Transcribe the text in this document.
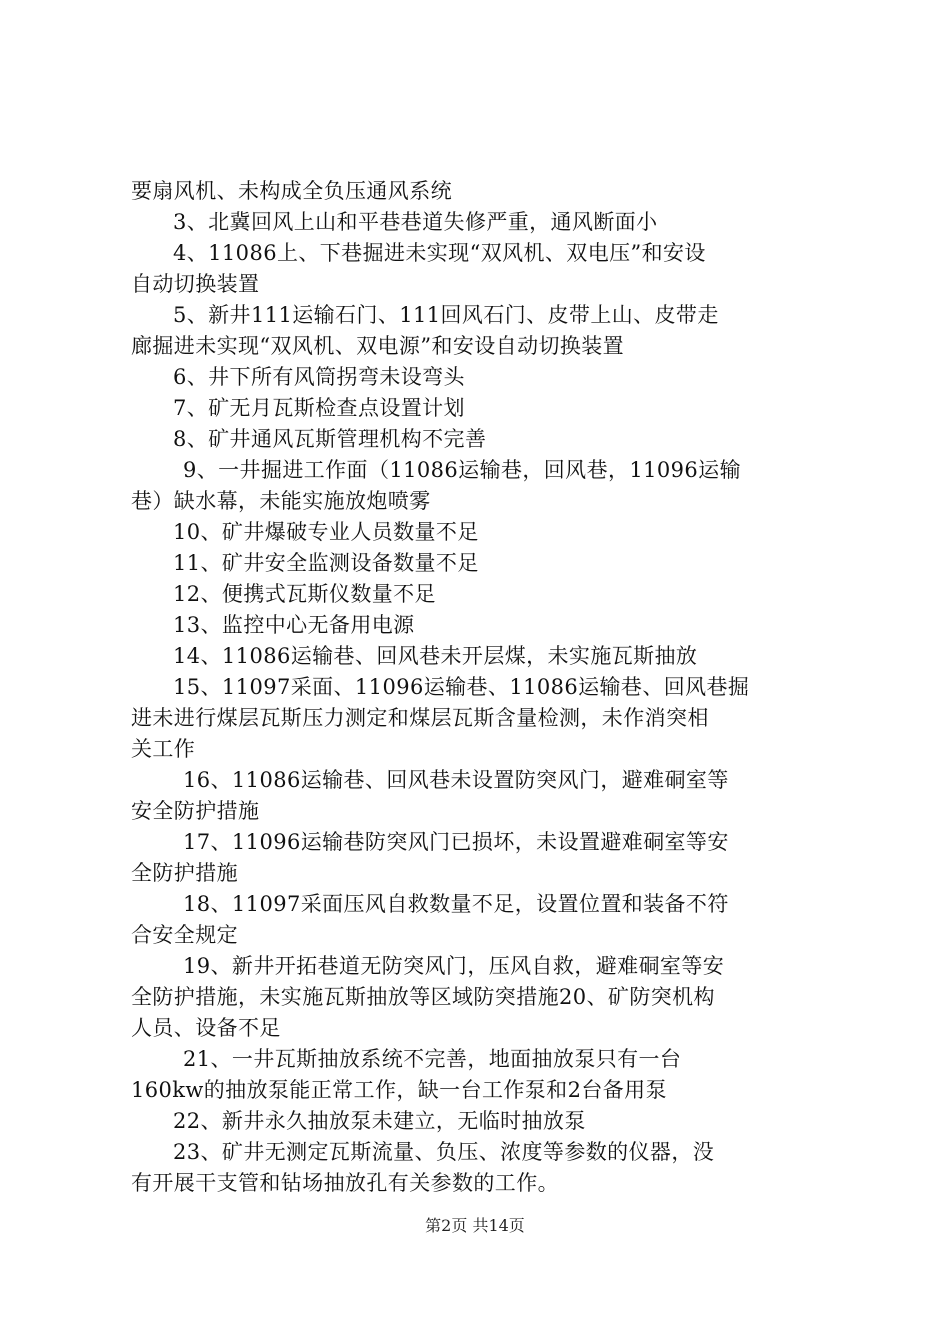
要扇风机、未构成全负压通风系统
3、北冀回风上山和平巷巷道失修严重，通风断面小
4、11086上、下巷掘进未实现“双风机、双电压”和安设
自动切换装置
5、新井111运输石门、111回风石门、皮带上山、皮带走
廊掘进未实现“双风机、双电源”和安设自动切换装置
6、井下所有风筒拐弯未设弯头
7、矿无月瓦斯检查点设置计划
8、矿井通风瓦斯管理机构不完善
9、一井掘进工作面（11086运输巷，回风巷，11096运输
巷）缺水幕，未能实施放炮喷雾
10、矿井爆破专业人员数量不足
11、矿井安全监测设备数量不足
12、便携式瓦斯仪数量不足
13、监控中心无备用电源
14、11086运输巷、回风巷未开层煤，未实施瓦斯抽放
15、11097采面、11096运输巷、11086运输巷、回风巷掘
进未进行煤层瓦斯压力测定和煤层瓦斯含量检测，未作消突相
关工作
16、11086运输巷、回风巷未设置防突风门，避难硐室等
安全防护措施
17、11096运输巷防突风门已损坏，未设置避难硐室等安
全防护措施
18、11097采面压风自救数量不足，设置位置和装备不符
合安全规定
19、新井开拓巷道无防突风门，压风自救，避难硐室等安
全防护措施，未实施瓦斯抽放等区域防突措施20、矿防突机构
人员、设备不足
21、一井瓦斯抽放系统不完善，地面抽放泵只有一台
160kw的抽放泵能正常工作，缺一台工作泵和2台备用泵
22、新井永久抽放泵未建立，无临时抽放泵
23、矿井无测定瓦斯流量、负压、浓度等参数的仪器，没
有开展干支管和钻场抽放孔有关参数的工作。
第2页 共14页
